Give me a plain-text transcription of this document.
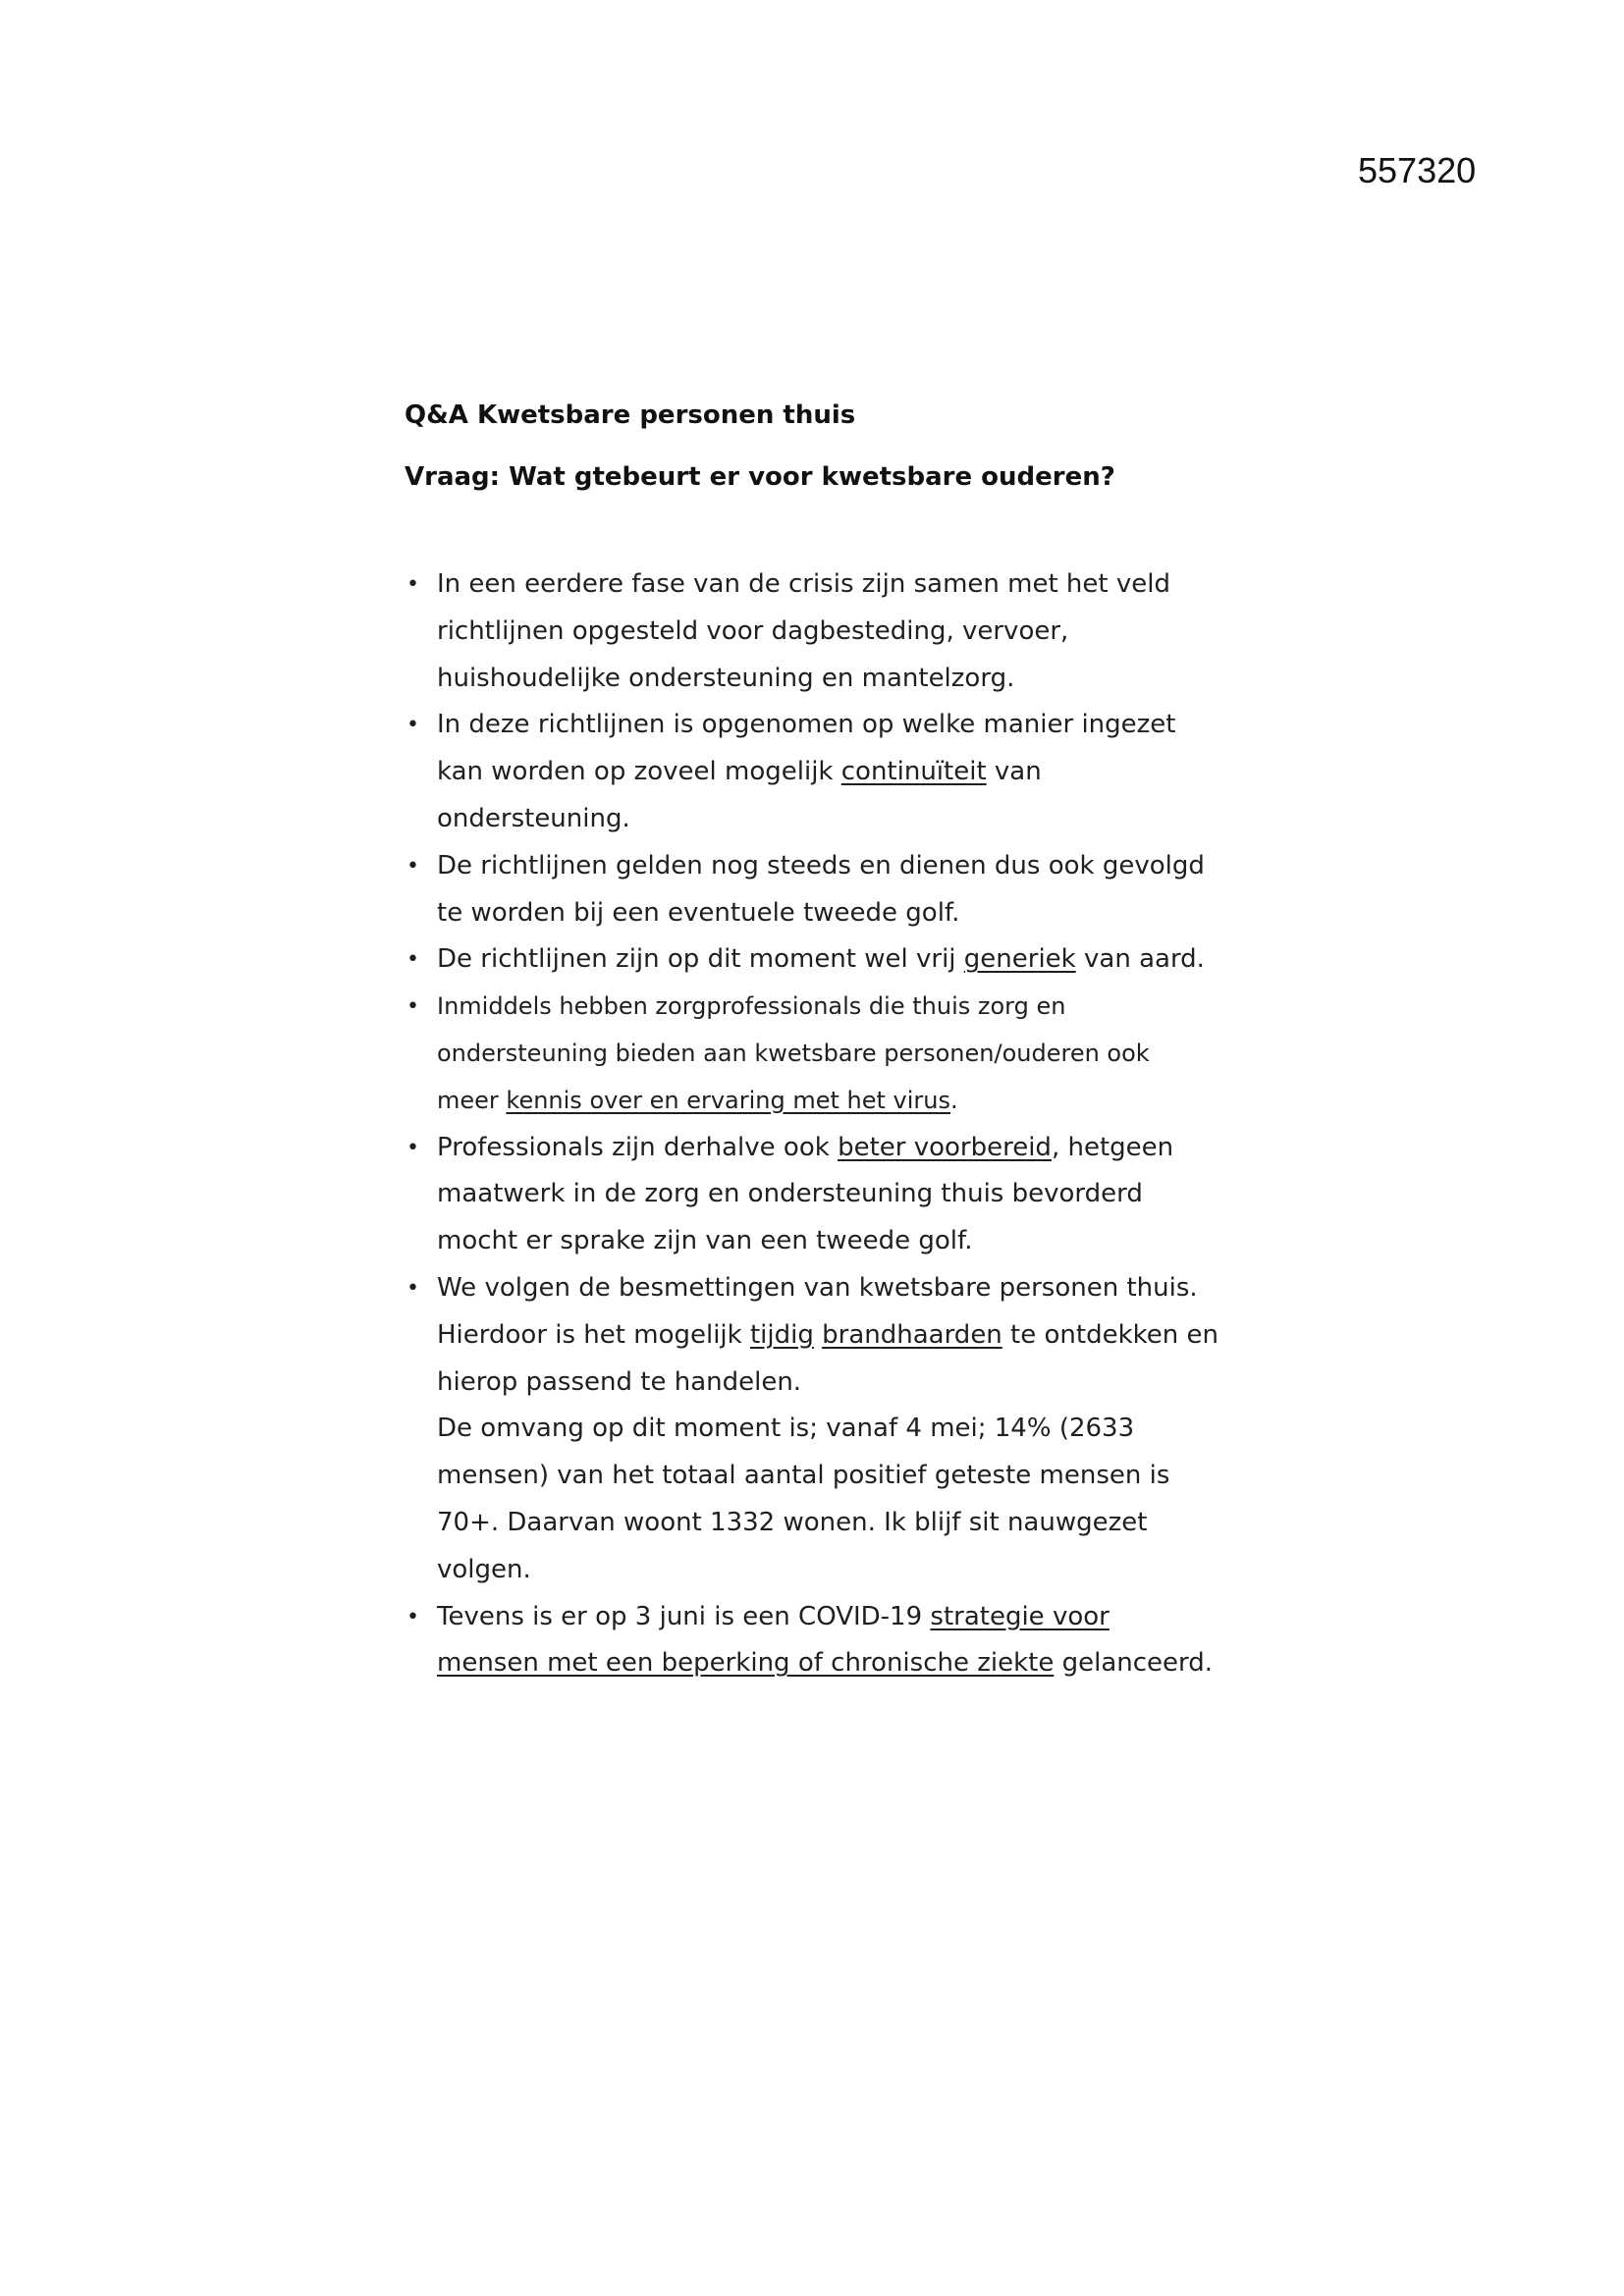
557320
Q&A Kwetsbare personen thuis
Vraag: Wat gtebeurt er voor kwetsbare ouderen?
• In een eerdere fase van de crisis zijn samen met het veld
richtlijnen opgesteld voor dagbesteding, vervoer,
huishoudelijke ondersteuning en mantelzorg.
• In deze richtlijnen is opgenomen op welke manier ingezet
kan worden op zoveel mogelijk continuïteit van
ondersteuning.
• De richtlijnen gelden nog steeds en dienen dus ook gevolgd
te worden bij een eventuele tweede golf.
• De richtlijnen zijn op dit moment wel vrij generiek van aard.
• Inmiddels hebben zorgprofessionals die thuis zorg en
ondersteuning bieden aan kwetsbare personen/ouderen ook
meer kennis over en ervaring met het virus.
• Professionals zijn derhalve ook beter voorbereid, hetgeen
maatwerk in de zorg en ondersteuning thuis bevorderd
mocht er sprake zijn van een tweede golf.
• We volgen de besmettingen van kwetsbare personen thuis.
Hierdoor is het mogelijk tijdig brandhaarden te ontdekken en
hierop passend te handelen.
De omvang op dit moment is; vanaf 4 mei; 14% (2633
mensen) van het totaal aantal positief geteste mensen is
70+. Daarvan woont 1332 wonen. Ik blijf sit nauwgezet
volgen.
• Tevens is er op 3 juni is een COVID-19 strategie voor
mensen met een beperking of chronische ziekte gelanceerd.
